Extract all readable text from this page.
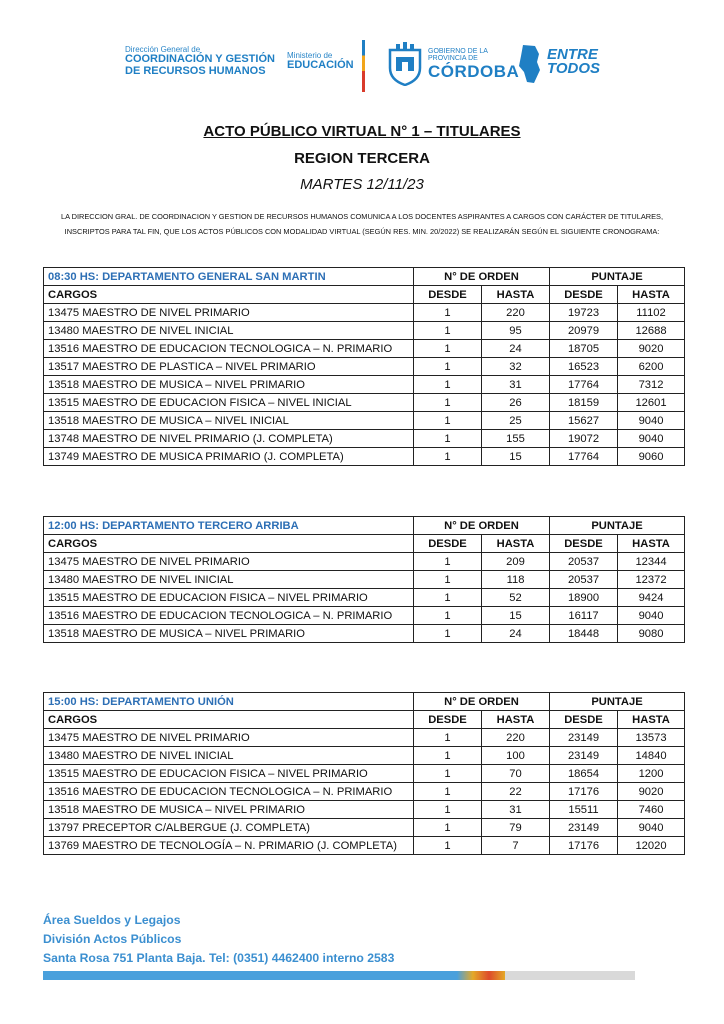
Dirección General de
COORDINACIÓN Y GESTIÓN
DE RECURSOS HUMANOS
Ministerio de
EDUCACIÓN
GOBIERNO DE LA
PROVINCIA DE
CÓRDOBA
ENTRE
TODOS
ACTO PÚBLICO VIRTUAL N° 1 – TITULARES
REGION TERCERA
MARTES 12/11/23
LA DIRECCION GRAL. DE COORDINACION Y GESTION DE RECURSOS HUMANOS COMUNICA A LOS DOCENTES ASPIRANTES A CARGOS CON CARÁCTER DE TITULARES, INSCRIPTOS PARA TAL FIN, QUE LOS ACTOS PÚBLICOS CON MODALIDAD VIRTUAL (SEGÚN RES. MIN. 20/2022) SE REALIZARÁN SEGÚN EL SIGUIENTE CRONOGRAMA:
08:30 HS: DEPARTAMENTO GENERAL SAN MARTIN	N° DE ORDEN		PUNTAJE	
CARGOS	DESDE	HASTA	DESDE	HASTA
13475 MAESTRO DE NIVEL PRIMARIO	1	220	19723	11102
13480 MAESTRO DE NIVEL INICIAL	1	95	20979	12688
13516 MAESTRO DE EDUCACION TECNOLOGICA – N. PRIMARIO	1	24	18705	9020
13517 MAESTRO DE PLASTICA – NIVEL PRIMARIO	1	32	16523	6200
13518 MAESTRO DE MUSICA – NIVEL PRIMARIO	1	31	17764	7312
13515 MAESTRO DE EDUCACION FISICA – NIVEL INICIAL	1	26	18159	12601
13518 MAESTRO DE MUSICA – NIVEL INICIAL	1	25	15627	9040
13748 MAESTRO DE NIVEL PRIMARIO (J. COMPLETA)	1	155	19072	9040
13749 MAESTRO DE MUSICA PRIMARIO (J. COMPLETA)	1	15	17764	9060
12:00 HS: DEPARTAMENTO TERCERO ARRIBA	N° DE ORDEN		PUNTAJE	
CARGOS	DESDE	HASTA	DESDE	HASTA
13475 MAESTRO DE NIVEL PRIMARIO	1	209	20537	12344
13480 MAESTRO DE NIVEL INICIAL	1	118	20537	12372
13515 MAESTRO DE EDUCACION FISICA – NIVEL PRIMARIO	1	52	18900	9424
13516 MAESTRO DE EDUCACION TECNOLOGICA – N. PRIMARIO	1	15	16117	9040
13518 MAESTRO DE MUSICA – NIVEL PRIMARIO	1	24	18448	9080
15:00 HS: DEPARTAMENTO UNIÓN	N° DE ORDEN		PUNTAJE	
CARGOS	DESDE	HASTA	DESDE	HASTA
13475 MAESTRO DE NIVEL PRIMARIO	1	220	23149	13573
13480 MAESTRO DE NIVEL INICIAL	1	100	23149	14840
13515 MAESTRO DE EDUCACION FISICA – NIVEL PRIMARIO	1	70	18654	1200
13516 MAESTRO DE EDUCACION TECNOLOGICA – N. PRIMARIO	1	22	17176	9020
13518 MAESTRO DE MUSICA – NIVEL PRIMARIO	1	31	15511	7460
13797 PRECEPTOR C/ALBERGUE (J. COMPLETA)	1	79	23149	9040
13769 MAESTRO DE TECNOLOGÍA – N. PRIMARIO (J. COMPLETA)	1	7	17176	12020
Área Sueldos y Legajos
División Actos Públicos
Santa Rosa 751 Planta Baja. Tel: (0351) 4462400 interno 2583
